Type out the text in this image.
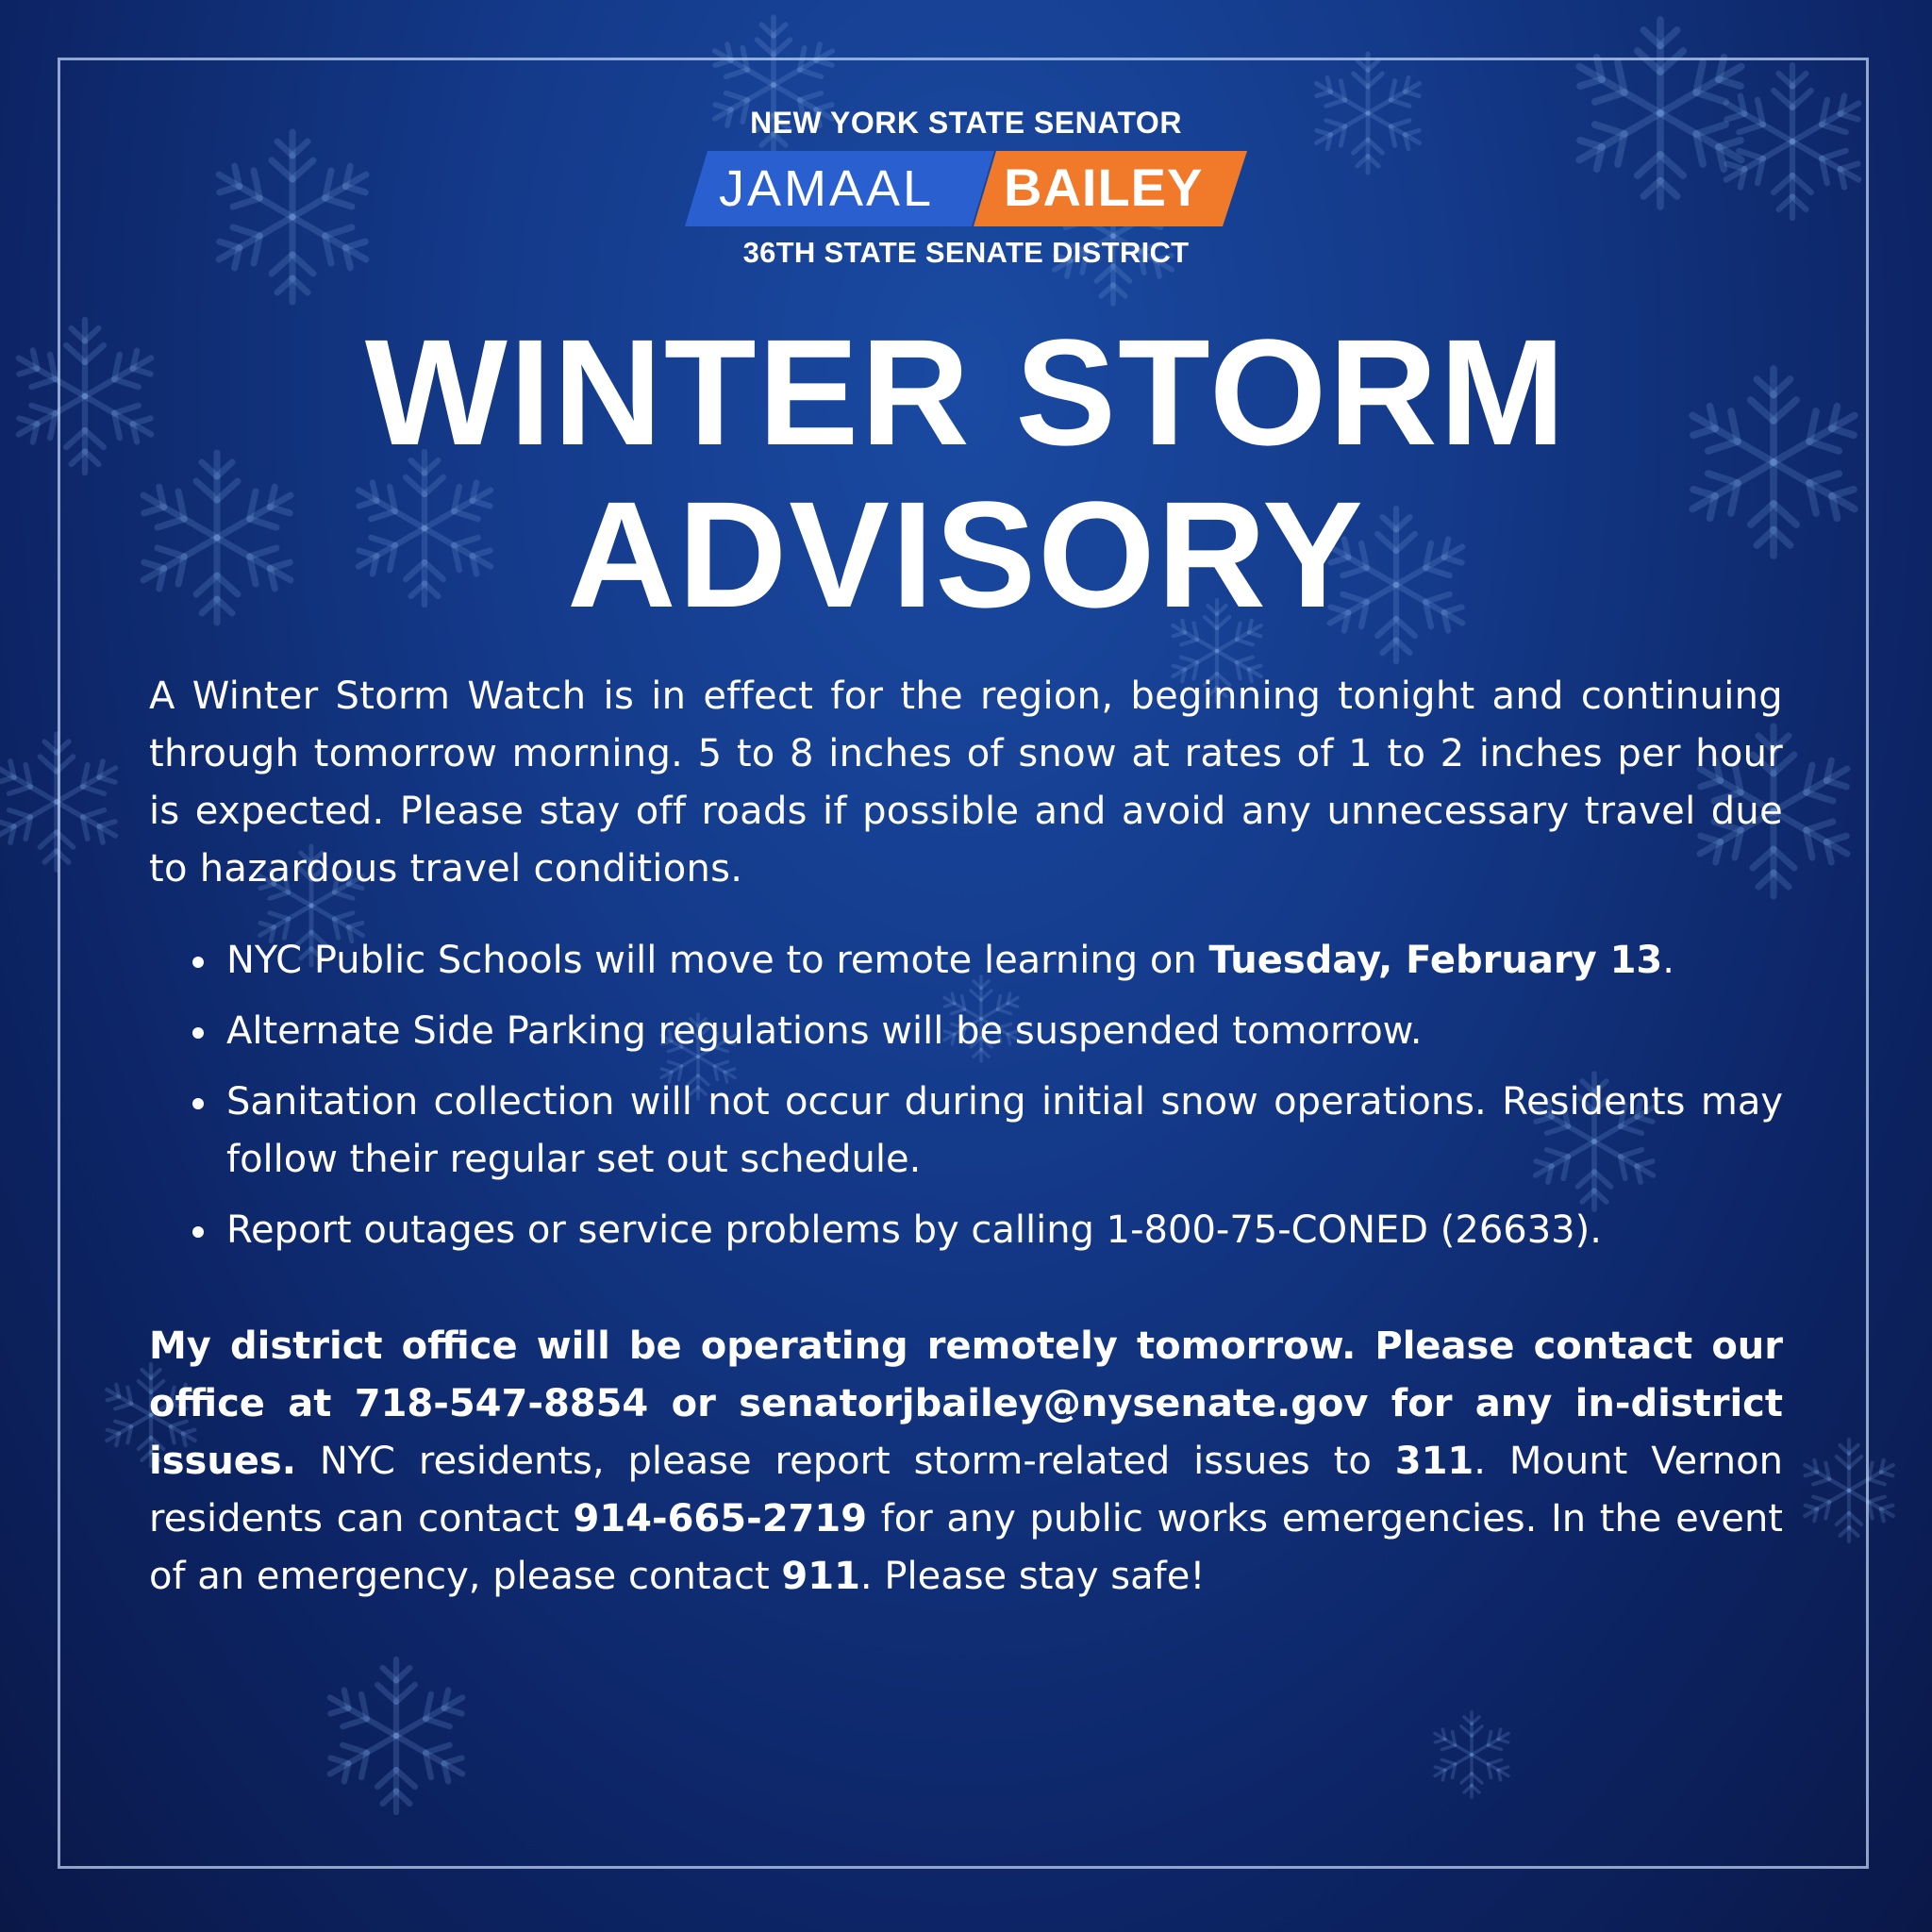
NEW YORK STATE SENATOR
JAMAAL BAILEY
36TH STATE SENATE DISTRICT
WINTER STORM
ADVISORY

A Winter Storm Watch is in effect for the region, beginning tonight and continuing through tomorrow morning. 5 to 8 inches of snow at rates of 1 to 2 inches per hour is expected. Please stay off roads if possible and avoid any unnecessary travel due to hazardous travel conditions.

NYC Public Schools will move to remote learning on Tuesday, February 13.
Alternate Side Parking regulations will be suspended tomorrow.
Sanitation collection will not occur during initial snow operations. Residents may follow their regular set out schedule.
Report outages or service problems by calling 1-800-75-CONED (26633).

My district office will be operating remotely tomorrow. Please contact our office at 718-547-8854 or senatorjbailey@nysenate.gov for any in-district issues. NYC residents, please report storm-related issues to 311. Mount Vernon residents can contact 914-665-2719 for any public works emergencies. In the event of an emergency, please contact 911. Please stay safe!
